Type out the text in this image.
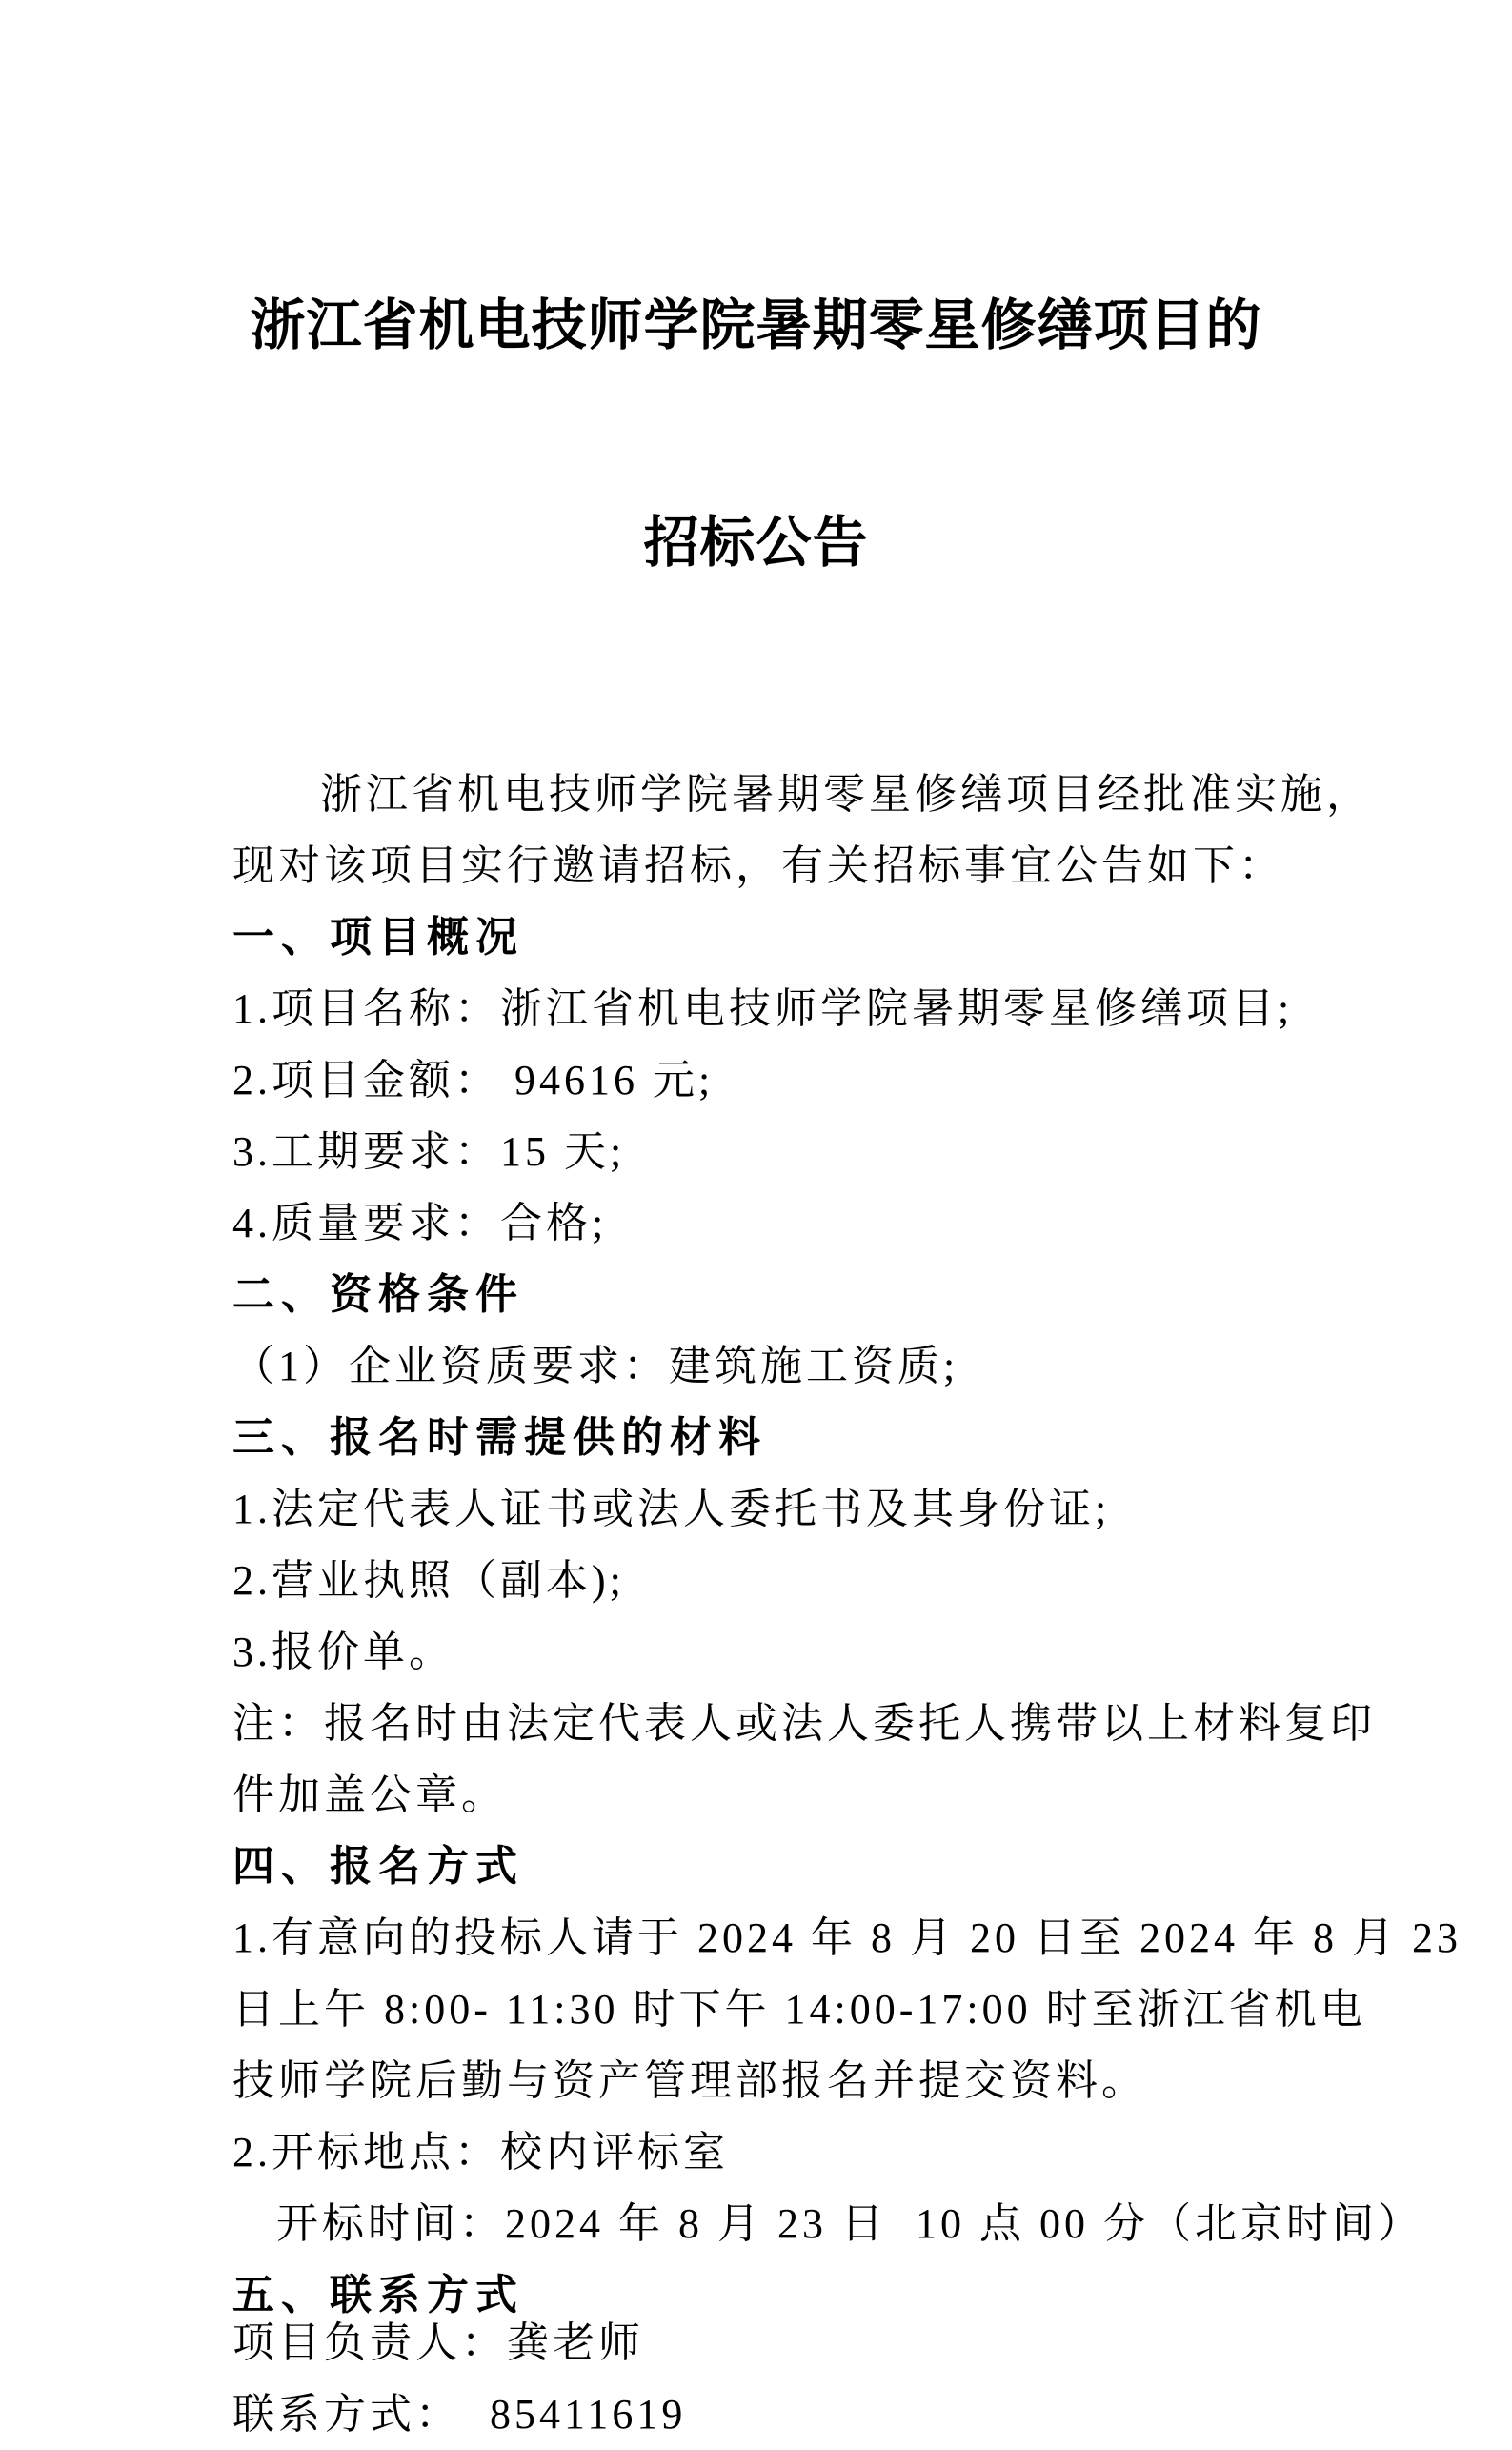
浙江省机电技师学院暑期零星修缮项目的

招标公告

浙江省机电技师学院暑期零星修缮项目经批准实施，
现对该项目实行邀请招标，有关招标事宜公告如下：
一、项目概况
1.项目名称：浙江省机电技师学院暑期零星修缮项目;
2.项目金额： 94616 元;
3.工期要求：15 天;
4.质量要求：合格;
二、资格条件
（1）企业资质要求：建筑施工资质;
三、报名时需提供的材料
1.法定代表人证书或法人委托书及其身份证;
2.营业执照（副本);
3.报价单。
注：报名时由法定代表人或法人委托人携带以上材料复印
件加盖公章。
四、报名方式
1.有意向的投标人请于 2024 年 8 月 20 日至 2024 年 8 月 23
日上午 8:00- 11:30 时下午 14:00-17:00 时至浙江省机电
技师学院后勤与资产管理部报名并提交资料。
2.开标地点：校内评标室
开标时间：2024 年 8 月 23 日  10 点 00 分（北京时间）
五、联系方式
项目负责人：龚老师
联系方式：  85411619
